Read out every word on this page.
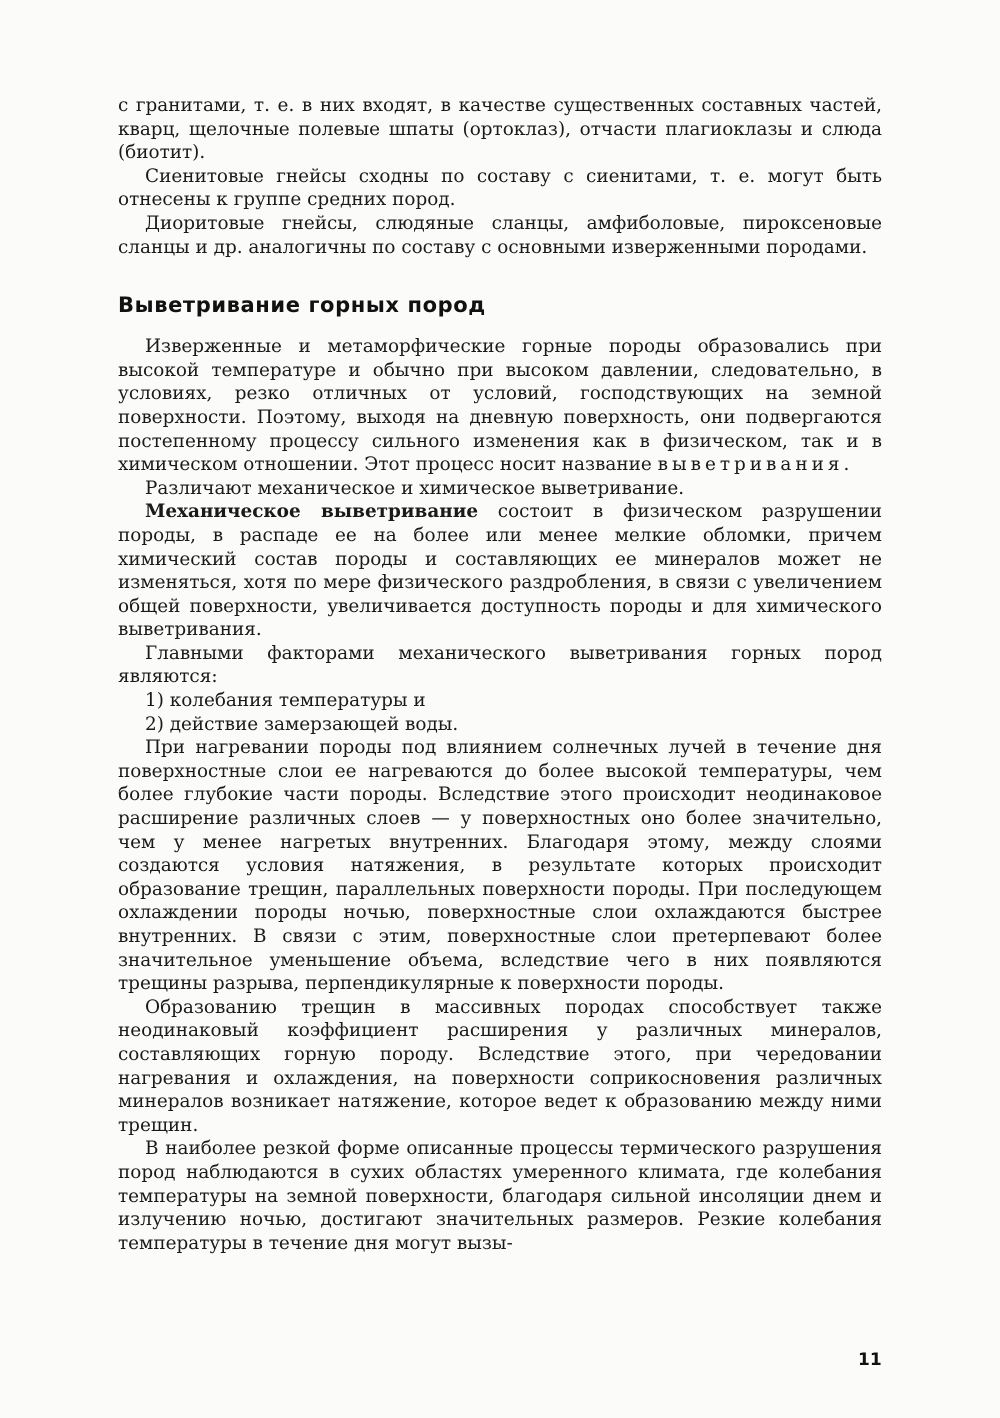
с гранитами, т. е. в них входят, в качестве существенных составных частей, кварц, щелочные полевые шпаты (ортоклаз), отчасти плагиоклазы и слюда (биотит).

Сиенитовые гнейсы сходны по составу с сиенитами, т. е. могут быть отнесены к группе средних пород.

Диоритовые гнейсы, слюдяные сланцы, амфиболовые, пироксеновые сланцы и др. аналогичны по составу с основными изверженными породами.

Выветривание горных пород

Изверженные и метаморфические горные породы образовались при высокой температуре и обычно при высоком давлении, следовательно, в условиях, резко отличных от условий, господствующих на земной поверхности. Поэтому, выходя на дневную поверхность, они подвергаются постепенному процессу сильного изменения как в физическом, так и в химическом отношении. Этот процесс носит название выветривания.

Различают механическое и химическое выветривание.

Механическое выветривание состоит в физическом разрушении породы, в распаде ее на более или менее мелкие обломки, причем химический состав породы и составляющих ее минералов может не изменяться, хотя по мере физического раздробления, в связи с увеличением общей поверхности, увеличивается доступность породы и для химического выветривания.

Главными факторами механического выветривания горных пород являются:

1) колебания температуры и

2) действие замерзающей воды.

При нагревании породы под влиянием солнечных лучей в течение дня поверхностные слои ее нагреваются до более высокой температуры, чем более глубокие части породы. Вследствие этого происходит неодинаковое расширение различных слоев — у поверхностных оно более значительно, чем у менее нагретых внутренних. Благодаря этому, между слоями создаются условия натяжения, в результате которых происходит образование трещин, параллельных поверхности породы. При последующем охлаждении породы ночью, поверхностные слои охлаждаются быстрее внутренних. В связи с этим, поверхностные слои претерпевают более значительное уменьшение объема, вследствие чего в них появляются трещины разрыва, перпендикулярные к поверхности породы.

Образованию трещин в массивных породах способствует также неодинаковый коэффициент расширения у различных минералов, составляющих горную породу. Вследствие этого, при чередовании нагревания и охлаждения, на поверхности соприкосновения различных минералов возникает натяжение, которое ведет к образованию между ними трещин.

В наиболее резкой форме описанные процессы термического разрушения пород наблюдаются в сухих областях умеренного климата, где колебания температуры на земной поверхности, благодаря сильной инсоляции днем и излучению ночью, достигают значительных размеров. Резкие колебания температуры в течение дня могут вызы-

11
